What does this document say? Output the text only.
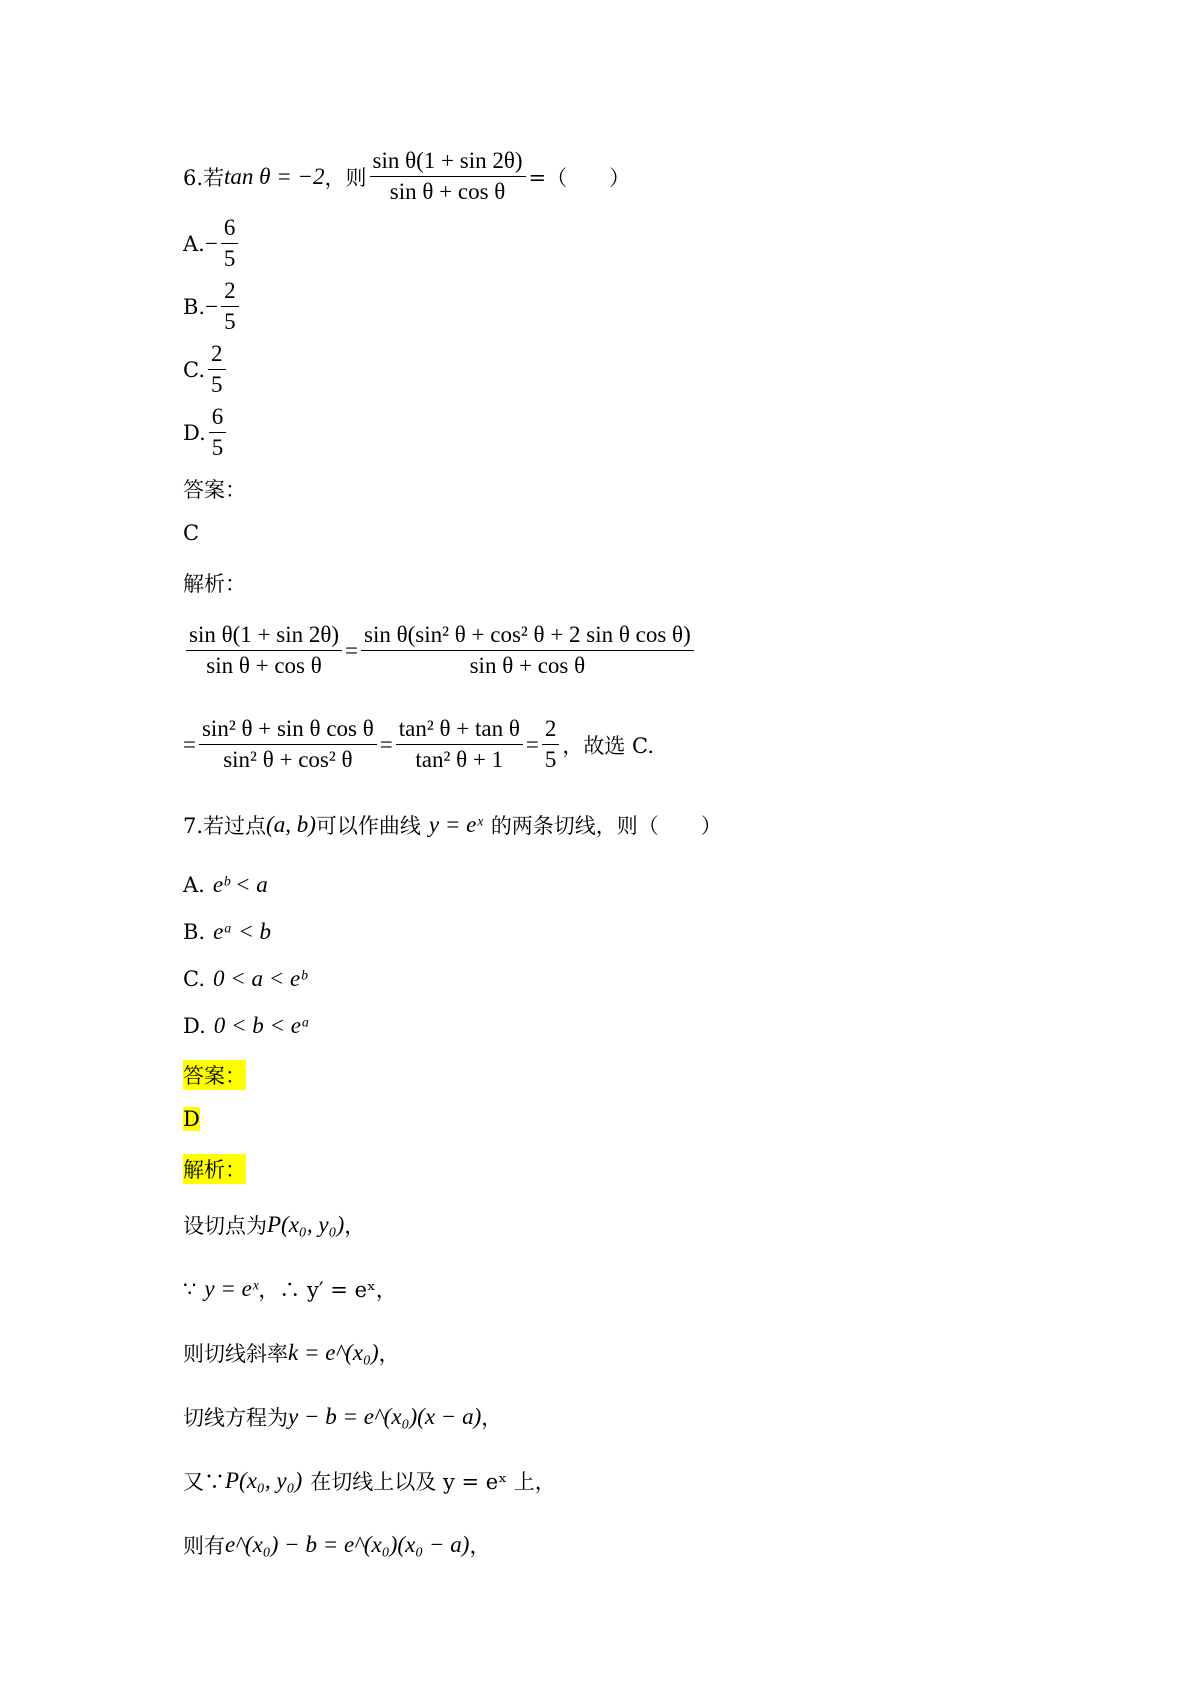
6.若 tan θ = −2 ，则 $\frac{\text{sin θ(1 + sin 2θ)}}{\text{sin θ + cos θ}}$ =（　　）
A. − $\frac{6}{5}$
B. − $\frac{2}{5}$
C. $\frac{2}{5}$
D. $\frac{6}{5}$
答案：
C
解析：
$\frac{\text{sin θ(1 + sin 2θ)}}{\text{sin θ + cos θ}} = \frac{\text{sin θ(sin² θ + cos² θ + 2 sin θ cos θ)}}{\text{sin θ + cos θ}}$
= $\frac{\text{sin² θ + sin θ cos θ}}{\text{sin² θ + cos² θ}} = \frac{\text{tan² θ + tan θ}}{\text{tan² θ + 1}} = \frac{2}{5}$ ，故选 C.
7.若过点 (a, b) 可以作曲线 y = eˣ 的两条切线，则（　　）
A. eᵇ < a
B. eᵃ < b
C. 0 < a < eᵇ
D. 0 < b < eᵃ
答案：
D
解析：
设切点为 P(x₀, y₀) ，
∵ y = eˣ ，∴ y′ = eˣ，
则切线斜率 k = e^(x₀) ，
切线方程为 y − b = e^(x₀)(x − a) ，
又∵ P(x₀, y₀) 在切线上以及 y = eˣ 上，
则有 e^(x₀) − b = e^(x₀)(x₀ − a) ，
